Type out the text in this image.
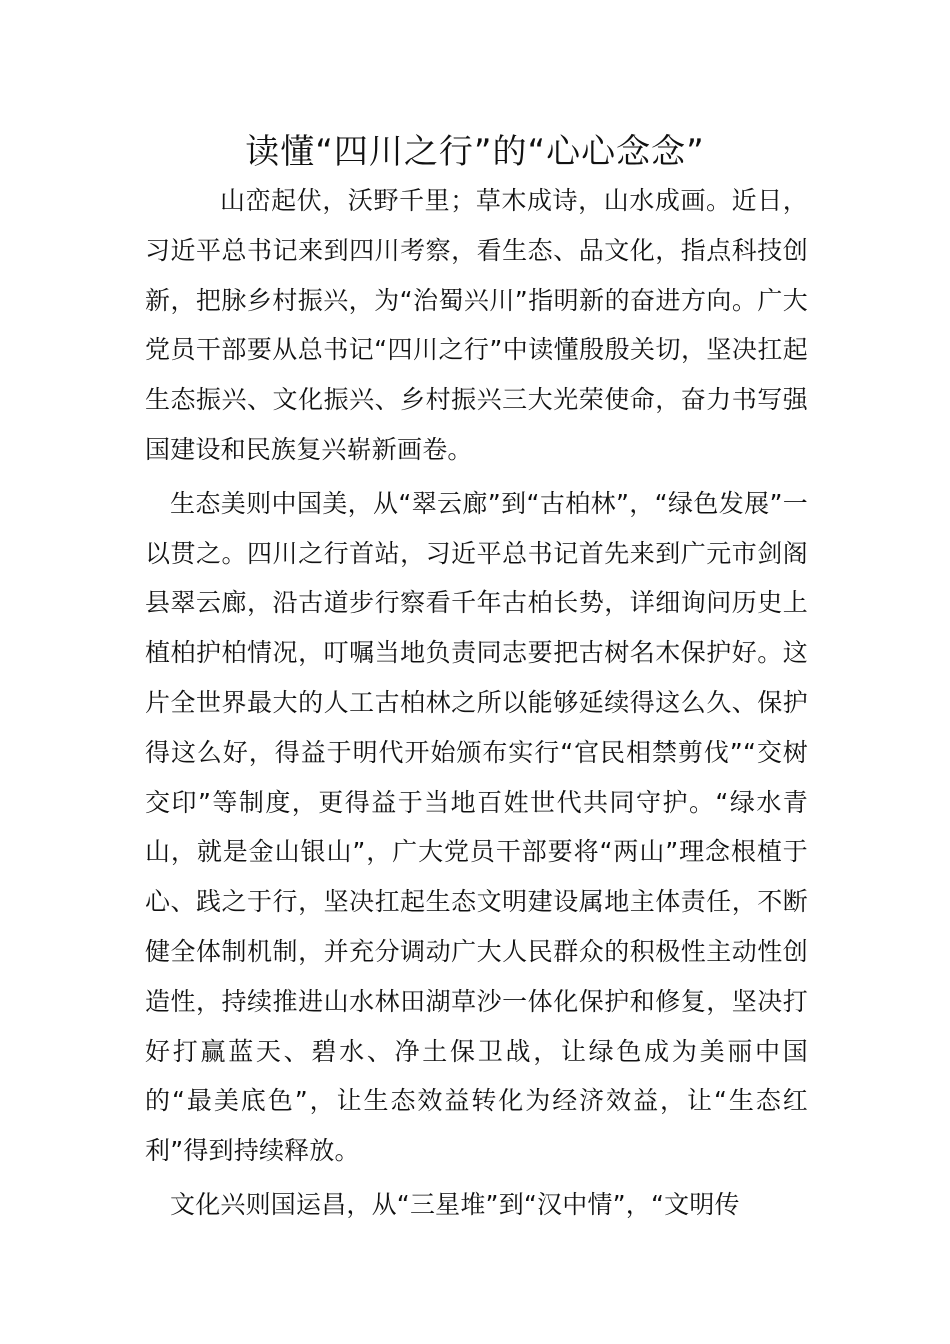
读懂“四川之行”的“心心念念”

山峦起伏，沃野千里；草木成诗，山水成画。近日，习近平总书记来到四川考察，看生态、品文化，指点科技创新，把脉乡村振兴，为“治蜀兴川”指明新的奋进方向。广大党员干部要从总书记“四川之行”中读懂殷殷关切，坚决扛起生态振兴、文化振兴、乡村振兴三大光荣使命，奋力书写强国建设和民族复兴崭新画卷。

生态美则中国美，从“翠云廊”到“古柏林”，“绿色发展”一以贯之。四川之行首站，习近平总书记首先来到广元市剑阁县翠云廊，沿古道步行察看千年古柏长势，详细询问历史上植柏护柏情况，叮嘱当地负责同志要把古树名木保护好。这片全世界最大的人工古柏林之所以能够延续得这么久、保护得这么好，得益于明代开始颁布实行“官民相禁剪伐”“交树交印”等制度，更得益于当地百姓世代共同守护。“绿水青山，就是金山银山”，广大党员干部要将“两山”理念根植于心、践之于行，坚决扛起生态文明建设属地主体责任，不断健全体制机制，并充分调动广大人民群众的积极性主动性创造性，持续推进山水林田湖草沙一体化保护和修复，坚决打好打赢蓝天、碧水、净土保卫战，让绿色成为美丽中国的“最美底色”，让生态效益转化为经济效益，让“生态红利”得到持续释放。

文化兴则国运昌，从“三星堆”到“汉中情”，“文明传
